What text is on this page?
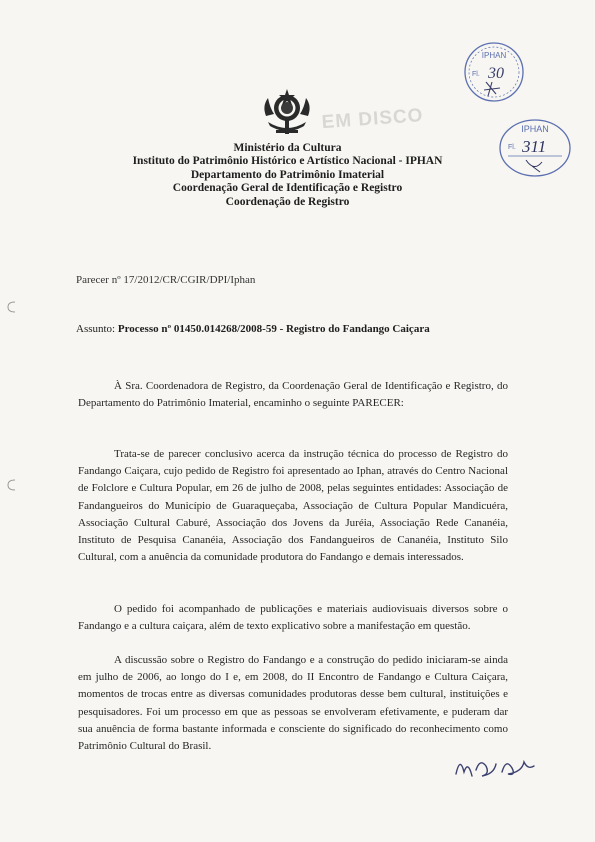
Ministério da Cultura
Instituto do Patrimônio Histórico e Artístico Nacional - IPHAN
Departamento do Patrimônio Imaterial
Coordenação Geral de Identificação e Registro
Coordenação de Registro
IPHAN
Fl. 30
IPHAN
Fl. 311
EM DISCO
Parecer nº 17/2012/CR/CGIR/DPI/Iphan
Assunto: Processo nº 01450.014268/2008-59 - Registro do Fandango Caiçara
À Sra. Coordenadora de Registro, da Coordenação Geral de Identificação e Registro, do Departamento do Patrimônio Imaterial, encaminho o seguinte PARECER:
Trata-se de parecer conclusivo acerca da instrução técnica do processo de Registro do Fandango Caiçara, cujo pedido de Registro foi apresentado ao Iphan, através do Centro Nacional de Folclore e Cultura Popular, em 26 de julho de 2008, pelas seguintes entidades: Associação de Fandangueiros do Município de Guaraqueçaba, Associação de Cultura Popular Mandicuéra, Associação Cultural Caburé, Associação dos Jovens da Juréia, Associação Rede Cananéia, Instituto de Pesquisa Cananéia, Associação dos Fandangueiros de Cananéia, Instituto Silo Cultural, com a anuência da comunidade produtora do Fandango e demais interessados.
O pedido foi acompanhado de publicações e materiais audiovisuais diversos sobre o Fandango e a cultura caiçara, além de texto explicativo sobre a manifestação em questão.
A discussão sobre o Registro do Fandango e a construção do pedido iniciaram-se ainda em julho de 2006, ao longo do I e, em 2008, do II Encontro de Fandango e Cultura Caiçara, momentos de trocas entre as diversas comunidades produtoras desse bem cultural, instituições e pesquisadores. Foi um processo em que as pessoas se envolveram efetivamente, e puderam dar sua anuência de forma bastante informada e consciente do significado do reconhecimento como Patrimônio Cultural do Brasil.
